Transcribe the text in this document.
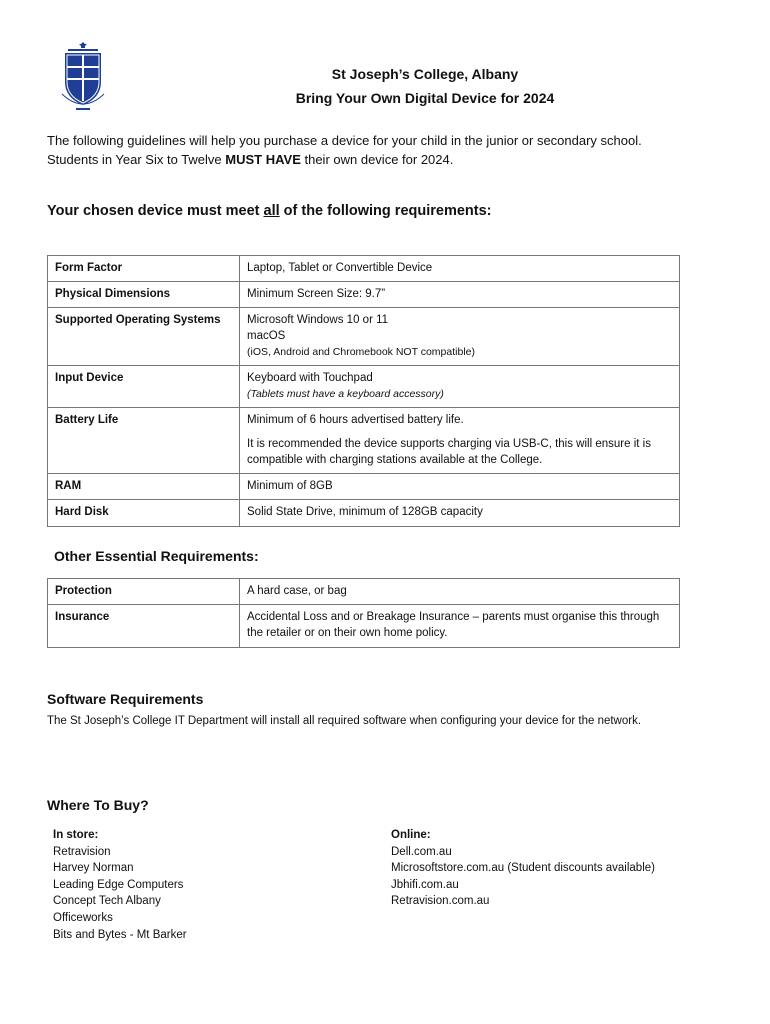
St Joseph’s College, Albany
Bring Your Own Digital Device for 2024
The following guidelines will help you purchase a device for your child in the junior or secondary school.
Students in Year Six to Twelve MUST HAVE their own device for 2024.
Your chosen device must meet all of the following requirements:
Form Factor	Laptop, Tablet or Convertible Device
Physical Dimensions	Minimum Screen Size: 9.7”
Supported Operating Systems	Microsoft Windows 10 or 11
macOS
(iOS, Android and Chromebook NOT compatible)

Input Device	Keyboard with Touchpad
(Tablets must have a keyboard accessory)

Battery Life	Minimum of 6 hours advertised battery life.
It is recommended the device supports charging via USB-C, this will ensure it is compatible with charging stations available at the College.

RAM	Minimum of 8GB
Hard Disk	Solid State Drive, minimum of 128GB capacity
Other Essential Requirements:
Protection	A hard case, or bag
Insurance	Accidental Loss and or Breakage Insurance – parents must organise this through the retailer or on their own home policy.
Software Requirements
The St Joseph’s College IT Department will install all required software when configuring your device for the network.
Where To Buy?
In store:
Retravision
Harvey Norman
Leading Edge Computers
Concept Tech Albany
Officeworks
Bits and Bytes - Mt Barker
Online:
Dell.com.au
Microsoftstore.com.au (Student discounts available)
Jbhifi.com.au
Retravision.com.au
